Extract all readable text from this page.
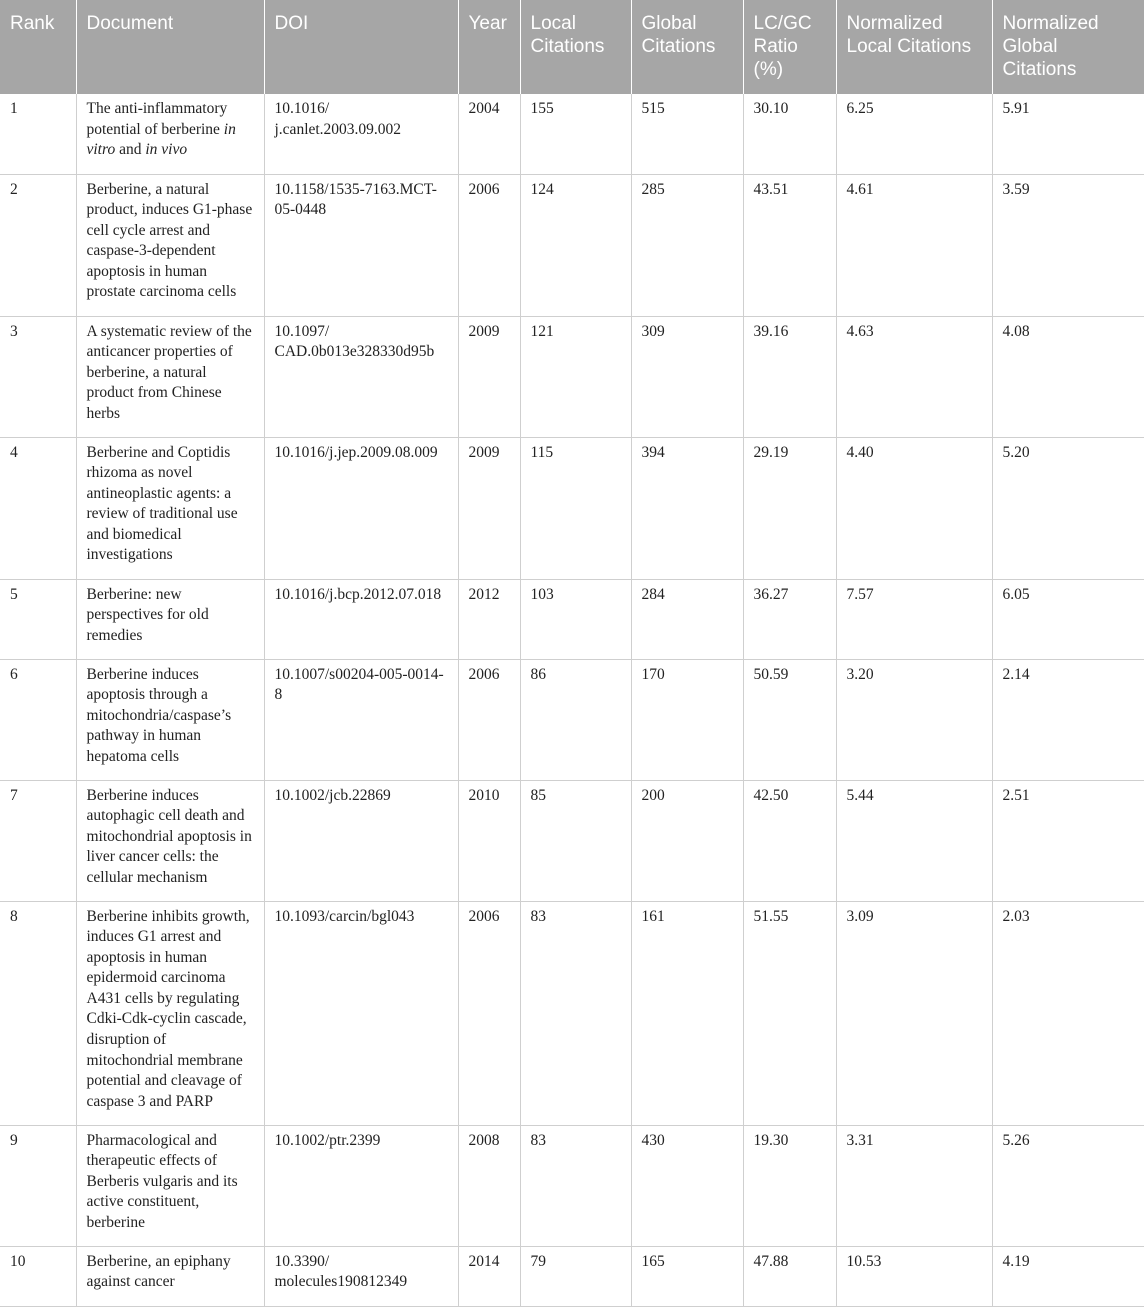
Rank	Document	DOI	Year	Local Citations	Global Citations	LC/GC Ratio (%)	Normalized Local Citations	Normalized Global Citations
1	The anti-inflammatory potential of berberine in vitro and in vivo	10.1016/ j.canlet.2003.09.002	2004	155	515	30.10	6.25	5.91
2	Berberine, a natural product, induces G1-phase cell cycle arrest and caspase-3-dependent apoptosis in human prostate carcinoma cells	10.1158/1535-7163.MCT-05-0448	2006	124	285	43.51	4.61	3.59
3	A systematic review of the anticancer properties of berberine, a natural product from Chinese herbs	10.1097/ CAD.0b013e328330d95b	2009	121	309	39.16	4.63	4.08
4	Berberine and Coptidis rhizoma as novel antineoplastic agents: a review of traditional use and biomedical investigations	10.1016/j.jep.2009.08.009	2009	115	394	29.19	4.40	5.20
5	Berberine: new perspectives for old remedies	10.1016/j.bcp.2012.07.018	2012	103	284	36.27	7.57	6.05
6	Berberine induces apoptosis through a mitochondria/caspase’s pathway in human hepatoma cells	10.1007/s00204-005-0014-8	2006	86	170	50.59	3.20	2.14
7	Berberine induces autophagic cell death and mitochondrial apoptosis in liver cancer cells: the cellular mechanism	10.1002/jcb.22869	2010	85	200	42.50	5.44	2.51
8	Berberine inhibits growth, induces G1 arrest and apoptosis in human epidermoid carcinoma A431 cells by regulating Cdki-Cdk-cyclin cascade, disruption of mitochondrial membrane potential and cleavage of caspase 3 and PARP	10.1093/carcin/bgl043	2006	83	161	51.55	3.09	2.03
9	Pharmacological and therapeutic effects of Berberis vulgaris and its active constituent, berberine	10.1002/ptr.2399	2008	83	430	19.30	3.31	5.26
10	Berberine, an epiphany against cancer	10.3390/ molecules190812349	2014	79	165	47.88	10.53	4.19
